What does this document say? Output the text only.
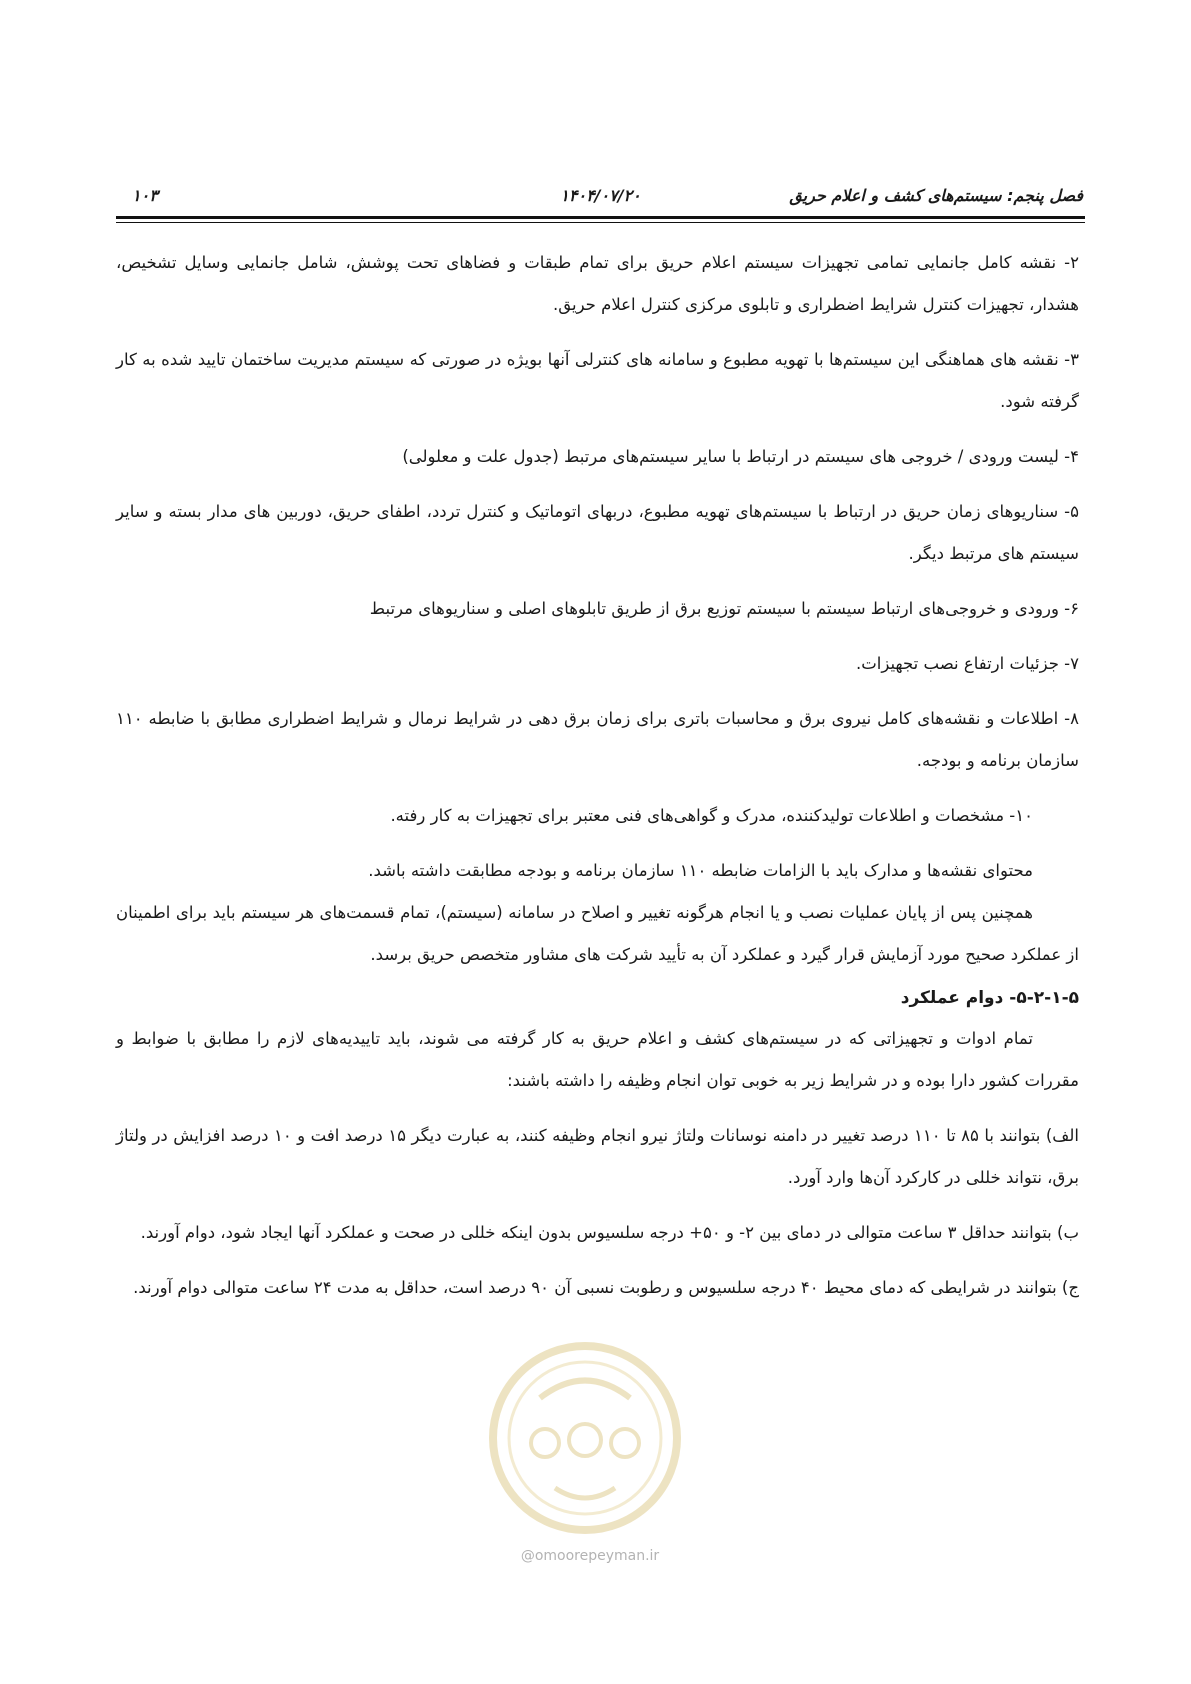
فصل پنجم: سیستم‌های کشف و اعلام حریق
۱۴۰۴/۰۷/۲۰
۱۰۳

۲- نقشه کامل جانمایی تمامی تجهیزات سیستم اعلام حریق برای تمام طبقات و فضاهای تحت پوشش، شامل جانمایی وسایل تشخیص، هشدار، تجهیزات کنترل شرایط اضطراری و تابلوی مرکزی کنترل اعلام حریق.

۳- نقشه های هماهنگی این سیستم‌ها با تهویه مطبوع و سامانه های کنترلی آنها بویژه در صورتی که سیستم مدیریت ساختمان تایید شده به کار گرفته شود.

۴- لیست ورودی / خروجی های سیستم در ارتباط با سایر سیستم‌های مرتبط (جدول علت و معلولی)

۵- سناریوهای زمان حریق در ارتباط با سیستم‌های تهویه مطبوع، دربهای اتوماتیک و کنترل تردد، اطفای حریق، دوربین های مدار بسته و سایر سیستم های مرتبط دیگر.

۶- ورودی و خروجی‌های ارتباط سیستم با سیستم توزیع برق از طریق تابلوهای اصلی و سناریوهای مرتبط

۷- جزئیات ارتفاع نصب تجهیزات.

۸- اطلاعات و نقشه‌های کامل نیروی برق و محاسبات باتری برای زمان برق دهی در شرایط نرمال و شرایط اضطراری مطابق با ضابطه ۱۱۰ سازمان برنامه و بودجه.

۱۰- مشخصات و اطلاعات تولیدکننده، مدرک و گواهی‌های فنی معتبر برای تجهیزات به کار رفته.

محتوای نقشه‌ها و مدارک باید با الزامات ضابطه ۱۱۰ سازمان برنامه و بودجه مطابقت داشته باشد.

همچنین پس از پایان عملیات نصب و یا انجام هرگونه تغییر و اصلاح در سامانه (سیستم)، تمام قسمت‌های هر سیستم باید برای اطمینان از عملکرد صحیح مورد آزمایش قرار گیرد و عملکرد آن به تأیید شرکت های مشاور متخصص حریق برسد.

۵-۲-۱-۵- دوام عملکرد

تمام ادوات و تجهیزاتی که در سیستم‌های کشف و اعلام حریق به کار گرفته می شوند، باید تاییدیه‌های لازم را مطابق با ضوابط و مقررات کشور دارا بوده و در شرایط زیر به خوبی توان انجام وظیفه را داشته باشند:

الف) بتوانند با ۸۵ تا ۱۱۰ درصد تغییر در دامنه نوسانات ولتاژ نیرو انجام وظیفه کنند، به عبارت دیگر ۱۵ درصد افت و ۱۰ درصد افزایش در ولتاژ برق، نتواند خللی در کارکرد آن‌ها وارد آورد.

ب) بتوانند حداقل ۳ ساعت متوالی در دمای بین ۲- و ۵۰+ درجه سلسیوس بدون اینکه خللی در صحت و عملکرد آنها ایجاد شود، دوام آورند.

ج) بتوانند در شرایطی که دمای محیط ۴۰ درجه سلسیوس و رطوبت نسبی آن ۹۰ درصد است، حداقل به مدت ۲۴ ساعت متوالی دوام آورند.

@omoorepeyman.ir
